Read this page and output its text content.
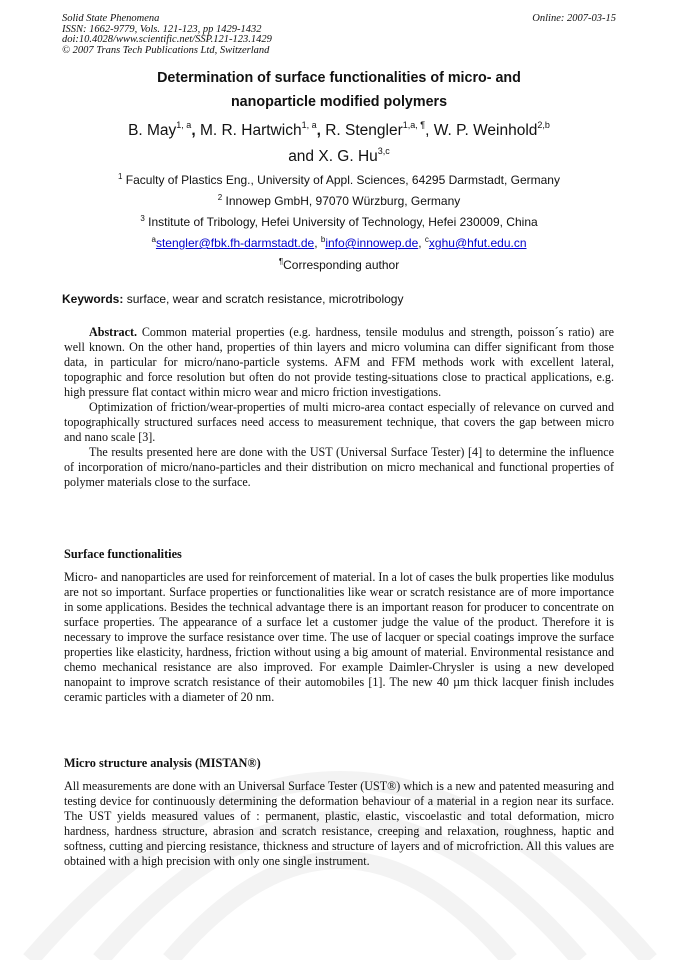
Solid State Phenomena
ISSN: 1662-9779, Vols. 121-123, pp 1429-1432
doi:10.4028/www.scientific.net/SSP.121-123.1429
© 2007 Trans Tech Publications Ltd, Switzerland
Online: 2007-03-15
Determination of surface functionalities of micro- and
nanoparticle modified polymers
B. May$^{1, a}$, M. R. Hartwich$^{1, a}$, R. Stengler$^{1,a, \P}$, W. P. Weinhold$^{2,b}$
and X. G. Hu$^{3,c}$
$^1$ Faculty of Plastics Eng., University of Appl. Sciences, 64295 Darmstadt, Germany
$^2$ Innowep GmbH, 97070 Würzburg, Germany
$^3$ Institute of Tribology, Hefei University of Technology, Hefei 230009, China
$^a$stengler@fbk.fh-darmstadt.de, $^b$info@innowep.de, $^c$xghu@hfut.edu.cn
¶Corresponding author
Keywords: surface, wear and scratch resistance, microtribology

Abstract. Common material properties (e.g. hardness, tensile modulus and strength, poisson´s ratio) are well known. On the other hand, properties of thin layers and micro volumina can differ significant from those data, in particular for micro/nano-particle systems. AFM and FFM methods work with excellent lateral, topographic and force resolution but often do not provide testing-situations close to practical applications, e.g. high pressure flat contact within micro wear and micro friction investigations.

Optimization of friction/wear-properties of multi micro-area contact especially of relevance on curved and topographically structured surfaces need access to measurement technique, that covers the gap between micro and nano scale [3].

The results presented here are done with the UST (Universal Surface Tester) [4] to determine the influence of incorporation of micro/nano-particles and their distribution on micro mechanical and functional properties of polymer materials close to the surface.

Surface functionalities

Micro- and nanoparticles are used for reinforcement of material. In a lot of cases the bulk properties like modulus are not so important. Surface properties or functionalities like wear or scratch resistance are of more importance in some applications. Besides the technical advantage there is an important reason for producer to concentrate on surface properties. The appearance of a surface let a customer judge the value of the product. Therefore it is necessary to improve the surface resistance over time. The use of lacquer or special coatings improve the surface properties like elasticity, hardness, friction without using a big amount of material. Environmental resistance and chemo mechanical resistance are also improved. For example Daimler-Chrysler is using a new developed nanopaint to improve scratch resistance of their automobiles [1]. The new 40 µm thick lacquer finish includes ceramic particles with a diameter of 20 nm.

Micro structure analysis (MISTAN®)

All measurements are done with an Universal Surface Tester (UST®) which is a new and patented measuring and testing device for continuously determining the deformation behaviour of a material in a region near its surface. The UST yields measured values of : permanent, plastic, elastic, viscoelastic and total deformation, micro hardness, hardness structure, abrasion and scratch resistance, creeping and relaxation, roughness, haptic and softness, cutting and piercing resistance, thickness and structure of layers and of microfriction. All this values are obtained with a high precision with only one single instrument.
